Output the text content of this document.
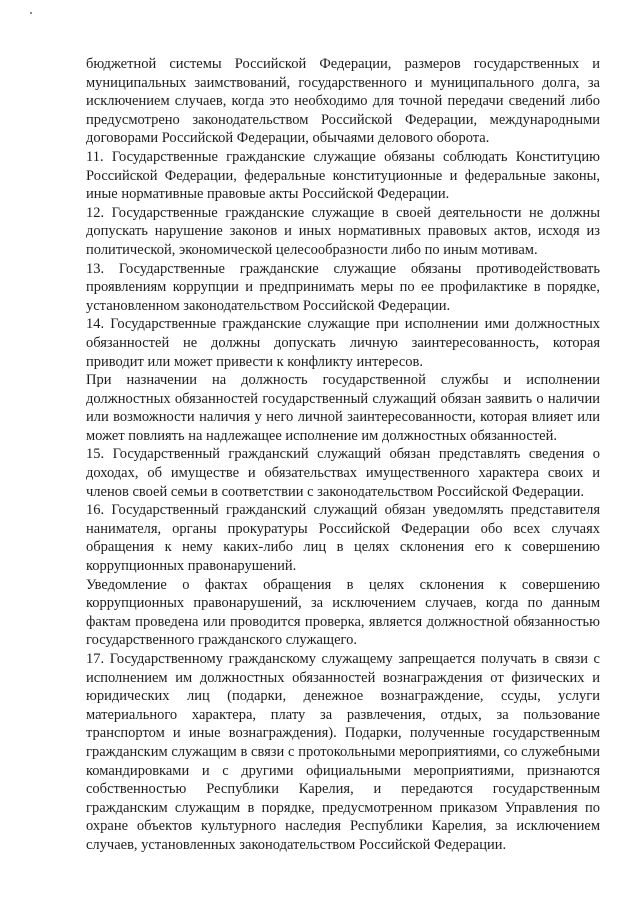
бюджетной системы Российской Федерации, размеров государственных и муниципальных заимствований, государственного и муниципального долга, за исключением случаев, когда это необходимо для точной передачи сведений либо предусмотрено законодательством Российской Федерации, международными договорами Российской Федерации, обычаями делового оборота.

11. Государственные гражданские служащие обязаны соблюдать Конституцию Российской Федерации, федеральные конституционные и федеральные законы, иные нормативные правовые акты Российской Федерации.

12. Государственные гражданские служащие в своей деятельности не должны допускать нарушение законов и иных нормативных правовых актов, исходя из политической, экономической целесообразности либо по иным мотивам.

13. Государственные гражданские служащие обязаны противодействовать проявлениям коррупции и предпринимать меры по ее профилактике в порядке, установленном законодательством Российской Федерации.

14. Государственные гражданские служащие при исполнении ими должностных обязанностей не должны допускать личную заинтересованность, которая приводит или может привести к конфликту интересов.

При назначении на должность государственной службы и исполнении должностных обязанностей государственный служащий обязан заявить о наличии или возможности наличия у него личной заинтересованности, которая влияет или может повлиять на надлежащее исполнение им должностных обязанностей.

15. Государственный гражданский служащий обязан представлять сведения о доходах, об имуществе и обязательствах имущественного характера своих и членов своей семьи в соответствии с законодательством Российской Федерации.

16. Государственный гражданский служащий обязан уведомлять представителя нанимателя, органы прокуратуры Российской Федерации обо всех случаях обращения к нему каких-либо лиц в целях склонения его к совершению коррупционных правонарушений.

Уведомление о фактах обращения в целях склонения к совершению коррупционных правонарушений, за исключением случаев, когда по данным фактам проведена или проводится проверка, является должностной обязанностью государственного гражданского служащего.

17. Государственному гражданскому служащему запрещается получать в связи с исполнением им должностных обязанностей вознаграждения от физических и юридических лиц (подарки, денежное вознаграждение, ссуды, услуги материального характера, плату за развлечения, отдых, за пользование транспортом и иные вознаграждения). Подарки, полученные государственным гражданским служащим в связи с протокольными мероприятиями, со служебными командировками и с другими официальными мероприятиями, признаются собственностью Республики Карелия, и передаются государственным гражданским служащим в порядке, предусмотренном приказом Управления по охране объектов культурного наследия Республики Карелия, за исключением случаев, установленных законодательством Российской Федерации.
